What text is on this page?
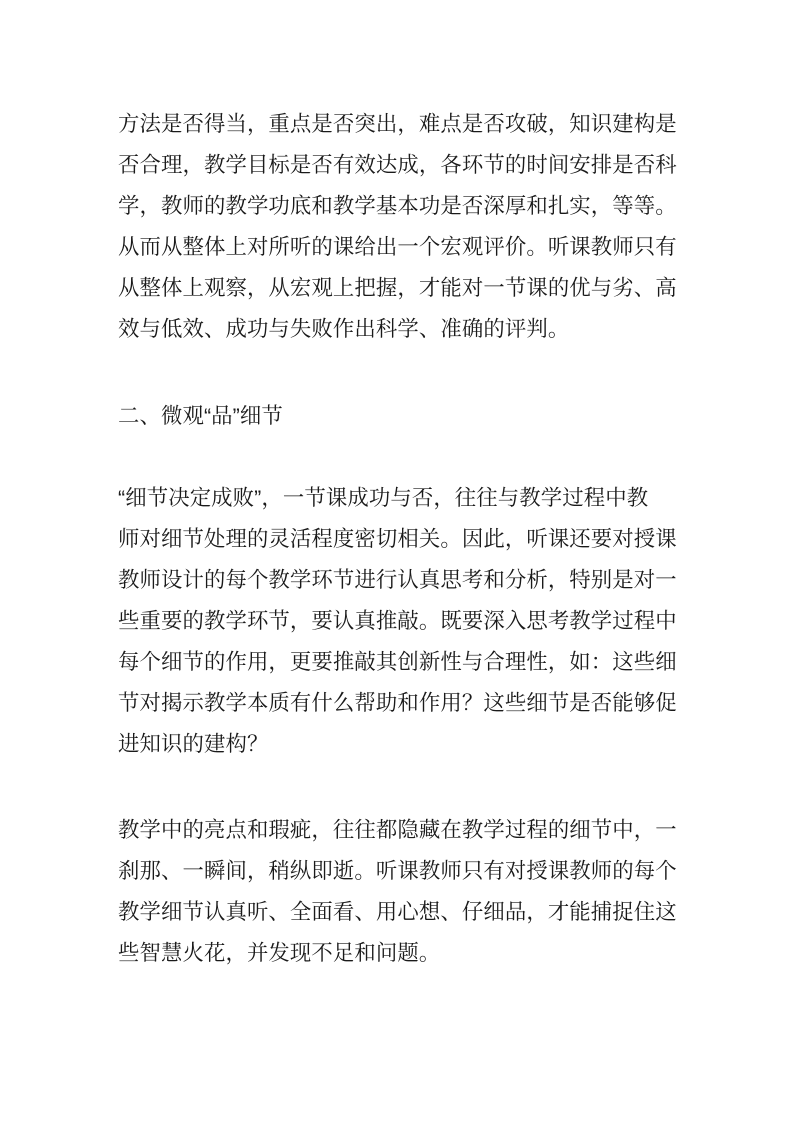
方法是否得当，重点是否突出，难点是否攻破，知识建构是
否合理，教学目标是否有效达成，各环节的时间安排是否科
学，教师的教学功底和教学基本功是否深厚和扎实，等等。
从而从整体上对所听的课给出一个宏观评价。听课教师只有
从整体上观察，从宏观上把握，才能对一节课的优与劣、高
效与低效、成功与失败作出科学、准确的评判。
二、微观“品”细节
“细节决定成败”，一节课成功与否，往往与教学过程中教
师对细节处理的灵活程度密切相关。因此，听课还要对授课
教师设计的每个教学环节进行认真思考和分析，特别是对一
些重要的教学环节，要认真推敲。既要深入思考教学过程中
每个细节的作用，更要推敲其创新性与合理性，如：这些细
节对揭示教学本质有什么帮助和作用？这些细节是否能够促
进知识的建构？
教学中的亮点和瑕疵，往往都隐藏在教学过程的细节中，一
刹那、一瞬间，稍纵即逝。听课教师只有对授课教师的每个
教学细节认真听、全面看、用心想、仔细品，才能捕捉住这
些智慧火花，并发现不足和问题。
